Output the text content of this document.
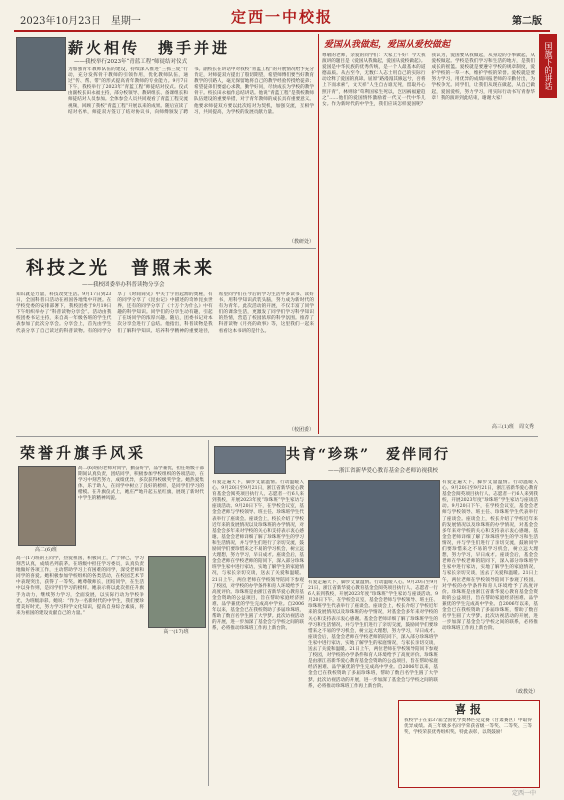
2023年10月23日　星期一	定西一中校报	第二版
国旗下的讲话
薪火相传　携手并进
——我校举行2023年“青蓝工程”师徒结对仪式
为加强青年教师队伍的建设，持续深入推进“三抓三促”行动，充分发挥骨干教师的引领作用，优化教师队伍，通过“传、帮、带”的形式提高青年教师的专业能力。9月7日下午，我校举行了2023年“青蓝工程”师徒结对仪式。仪式由副校长田永福主持，部分校领导、教研组长、备课组长和师徒结对人员参加。全体参会人员共同观看了青蓝工程交流视频，回顾了我校“青蓝工程”开展以来的成果。随后宣读了结对名单，师徒双方签订了结对协议书，向师傅颁发了聘书。副校长在讲话中对我校“青蓝工程”的开展情况给予充分肯定，对师徒双方提出了殷切期望，希望师傅们要当好教育教学的引路人，毫无保留地将自己的教学经验传授给徒弟；希望徒弟们要虚心求教，勤学好问，尽快成长为学校的教学骨干。校长田永福作总结讲话。他说“青蓝工程”是我校教师队伍建设的重要举措，对于青年教师的成长具有重要意义。他要求师徒双方要以此次结对为契机，加强交流，互相学习，共同提高，为学校的发展贡献力量。
（教研处）
爱国从我做起，爱国从爱校做起
尊敬的老师，亲爱的同学们：大家上午好！今天我演讲的题目是《爱国从我做起，爱国从爱校做起》。爱国是中华民族的优秀传统，是一个人最基本的道德品质。从古至今，无数仁人志士用自己的实际行动诠释了爱国的真谛。屈原“路漫漫其修远兮，吾将上下而求索”，文天祥“人生自古谁无死，留取丹心照汗青”，林则徐“苟利国家生死以，岂因祸福避趋之”……他们的爱国情怀激励着一代又一代中华儿女。作为新时代的中学生，我们应该怎样爱国呢？我认为，爱国要从我做起，从身边的小事做起，从爱校做起。学校是我们学习和生活的地方，是我们成长的摇篮。爱校就是要遵守学校的规章制度，爱护学校的一草一木，维护学校的荣誉。爱校就是要努力学习，用优异的成绩回报老师的辛勤付出，为学校争光。同学们，让我们从现在做起，从自己做起，爱国爱校，努力学习，用实际行动书写青春华章！我的演讲到此结束，谢谢大家！
高三(1)班　周文秀
科技之光　普照未来
——我校团委举办科普读物分享会
知识就是力量，科技改变生活。9月17日到23日，全国科普日活动在祖国各地集中开展。在学校党委的安排部署下，我校团委于9月19日下午组织举办了“科普读物分享会”。活动由我校团委书记主持，来自高一年级各班的学生代表参加了此次分享会。分享会上，首先由学生代表分享了自己读过的科普读物。有的同学分享了《时间简史》中关于宇宙起源的奥秘，有的同学分享了《昆虫记》中描述的奇妙昆虫世界，还有的同学分享了《十万个为什么》中有趣的科学知识。同学们的分享生动有趣，引起了在场同学的浓厚兴趣。随后，团委书记对本次分享会进行了总结。他指出，科普读物是我们了解科学知识、培养科学精神的重要途径，希望同学们在今后的学习生活中多读书、读好书，用科学知识武装头脑，努力成为新时代的有为青年。此次活动的开展，不仅丰富了同学们的课余生活，更激发了同学们学习科学知识的热情，营造了校园浓厚的科学氛围。推荐了科普读物《月亮的故事》等，这里我们一起来看看这本书讲的是什么。
（校团委）
荣誉升旗手风采
高二(6)班
高二(6)班的老师对同学，勤奋好学，品学兼优，担任班级干部期间认真负责，团结同学，积极参加学校组织的各项活动，在学习中刻苦努力，成绩优异，多次获得校级奖学金。她热爱集体，乐于助人，在同学中树立了良好的榜样，是同学们学习的楷模。在升旗仪式上，她庄严地升起五星红旗，展现了新时代中学生的精神风貌。
高一(17)班
高一(17)班的王同学，热爱祖国，积极向上，严于律己，学习刻苦认真，成绩名列前茅。在班级中担任学习委员，认真负责地做好各项工作，主动帮助学习上有困难的同学，深受老师和同学的喜爱。她积极参加学校组织的各类活动，在校园艺术节中表现突出，获得了一等奖。她尊敬师长，团结同学，在生活中以身作则，是同学们学习的榜样。她表示将以此次担任升旗手为动力，继续努力学习，全面发展，以实际行动为学校争光，为班级添彩。她说：“作为一名新时代的中学生，我们要珍惜美好时光，努力学习科学文化知识，提高自身综合素质，将来为祖国的建设贡献自己的力量。”
共育“珍珠”　爱伴同行
——浙江省新华爱心教育基金会老师访视我校
有爱走遍天下，脚步丈量温情。行动温暖人心。9月20日至9月21日，浙江省新华爱心教育基金会阅英项目执行人、志愿者一行6人来到我校，开展2023年度“珍珠班”学生家访与座谈活动。9月20日下午，在学校会议室，基金会老师与学校领导、班主任、珍珠班学生代表举行了座谈会。座谈会上，校长介绍了学校近年来的发展情况以及珍珠班的办学情况，对基金会多年来对学校的关心和支持表示衷心感谢。基金会老师详细了解了珍珠班学生的学习和生活情况，并与学生们进行了亲切交流，鼓励同学们要珍惜来之不易的学习机会，树立远大理想，努力学习，早日成才。座谈会后，基金会老师在学校老师的陪同下，深入部分珍珠班学生家中进行家访，实地了解学生的家庭情况，与家长亲切交谈，送去了关爱和温暖。21日上午，两位老师在学校领导陪同下参观了校园，对学校的办学条件和育人环境给予了高度评价。珍珠班是由浙江省新华爱心教育基金会资助的公益项目，旨在帮助家庭经济困难、品学兼优的学生完成高中学业。自2006年以来，基金会已在我校资助了多届珍珠班，帮助了数百名学生圆了大学梦。此次访视活动的开展，进一步加深了基金会与学校之间的联系，必将推动珍珠班工作再上新台阶。
有爱走遍天下，脚步丈量温情。行动温暖人心。9月20日至9月21日，浙江省新华爱心教育基金会阅英项目执行人、志愿者一行6人来到我校，开展2023年度“珍珠班”学生家访与座谈活动。9月20日下午，在学校会议室，基金会老师与学校领导、班主任、珍珠班学生代表举行了座谈会。座谈会上，校长介绍了学校近年来的发展情况以及珍珠班的办学情况，对基金会多年来对学校的关心和支持表示衷心感谢。基金会老师详细了解了珍珠班学生的学习和生活情况，并与学生们进行了亲切交流，鼓励同学们要珍惜来之不易的学习机会，树立远大理想，努力学习，早日成才。座谈会后，基金会老师在学校老师的陪同下，深入部分珍珠班学生家中进行家访，实地了解学生的家庭情况，与家长亲切交谈，送去了关爱和温暖。21日上午，两位老师在学校领导陪同下参观了校园，对学校的办学条件和育人环境给予了高度评价。珍珠班是由浙江省新华爱心教育基金会资助的公益项目，旨在帮助家庭经济困难、品学兼优的学生完成高中学业。自2006年以来，基金会已在我校资助了多届珍珠班，帮助了数百名学生圆了大学梦。此次访视活动的开展，进一步加深了基金会与学校之间的联系，必将推动珍珠班工作再上新台阶。
有爱走遍天下，脚步丈量温情。行动温暖人心。9月20日至9月21日，浙江省新华爱心教育基金会阅英项目执行人、志愿者一行6人来到我校，开展2023年度“珍珠班”学生家访与座谈活动。9月20日下午，在学校会议室，基金会老师与学校领导、班主任、珍珠班学生代表举行了座谈会。座谈会上，校长介绍了学校近年来的发展情况以及珍珠班的办学情况，对基金会多年来对学校的关心和支持表示衷心感谢。基金会老师详细了解了珍珠班学生的学习和生活情况，并与学生们进行了亲切交流，鼓励同学们要珍惜来之不易的学习机会，树立远大理想，努力学习，早日成才。座谈会后，基金会老师在学校老师的陪同下，深入部分珍珠班学生家中进行家访，实地了解学生的家庭情况，与家长亲切交谈，送去了关爱和温暖。21日上午，两位老师在学校领导陪同下参观了校园，对学校的办学条件和育人环境给予了高度评价。珍珠班是由浙江省新华爱心教育基金会资助的公益项目，旨在帮助家庭经济困难、品学兼优的学生完成高中学业。自2006年以来，基金会已在我校资助了多届珍珠班，帮助了数百名学生圆了大学梦。此次访视活动的开展，进一步加深了基金会与学校之间的联系，必将推动珍珠班工作再上新台阶。
（政教处）
喜报
我校学子在第37届全国化学奥林匹克竞赛（甘肃赛区）中取得优异成绩。高三年级多名同学荣获省级一等奖、二等奖、三等奖，学校荣获优秀组织奖。特此表彰，以资鼓励！
定西一中
